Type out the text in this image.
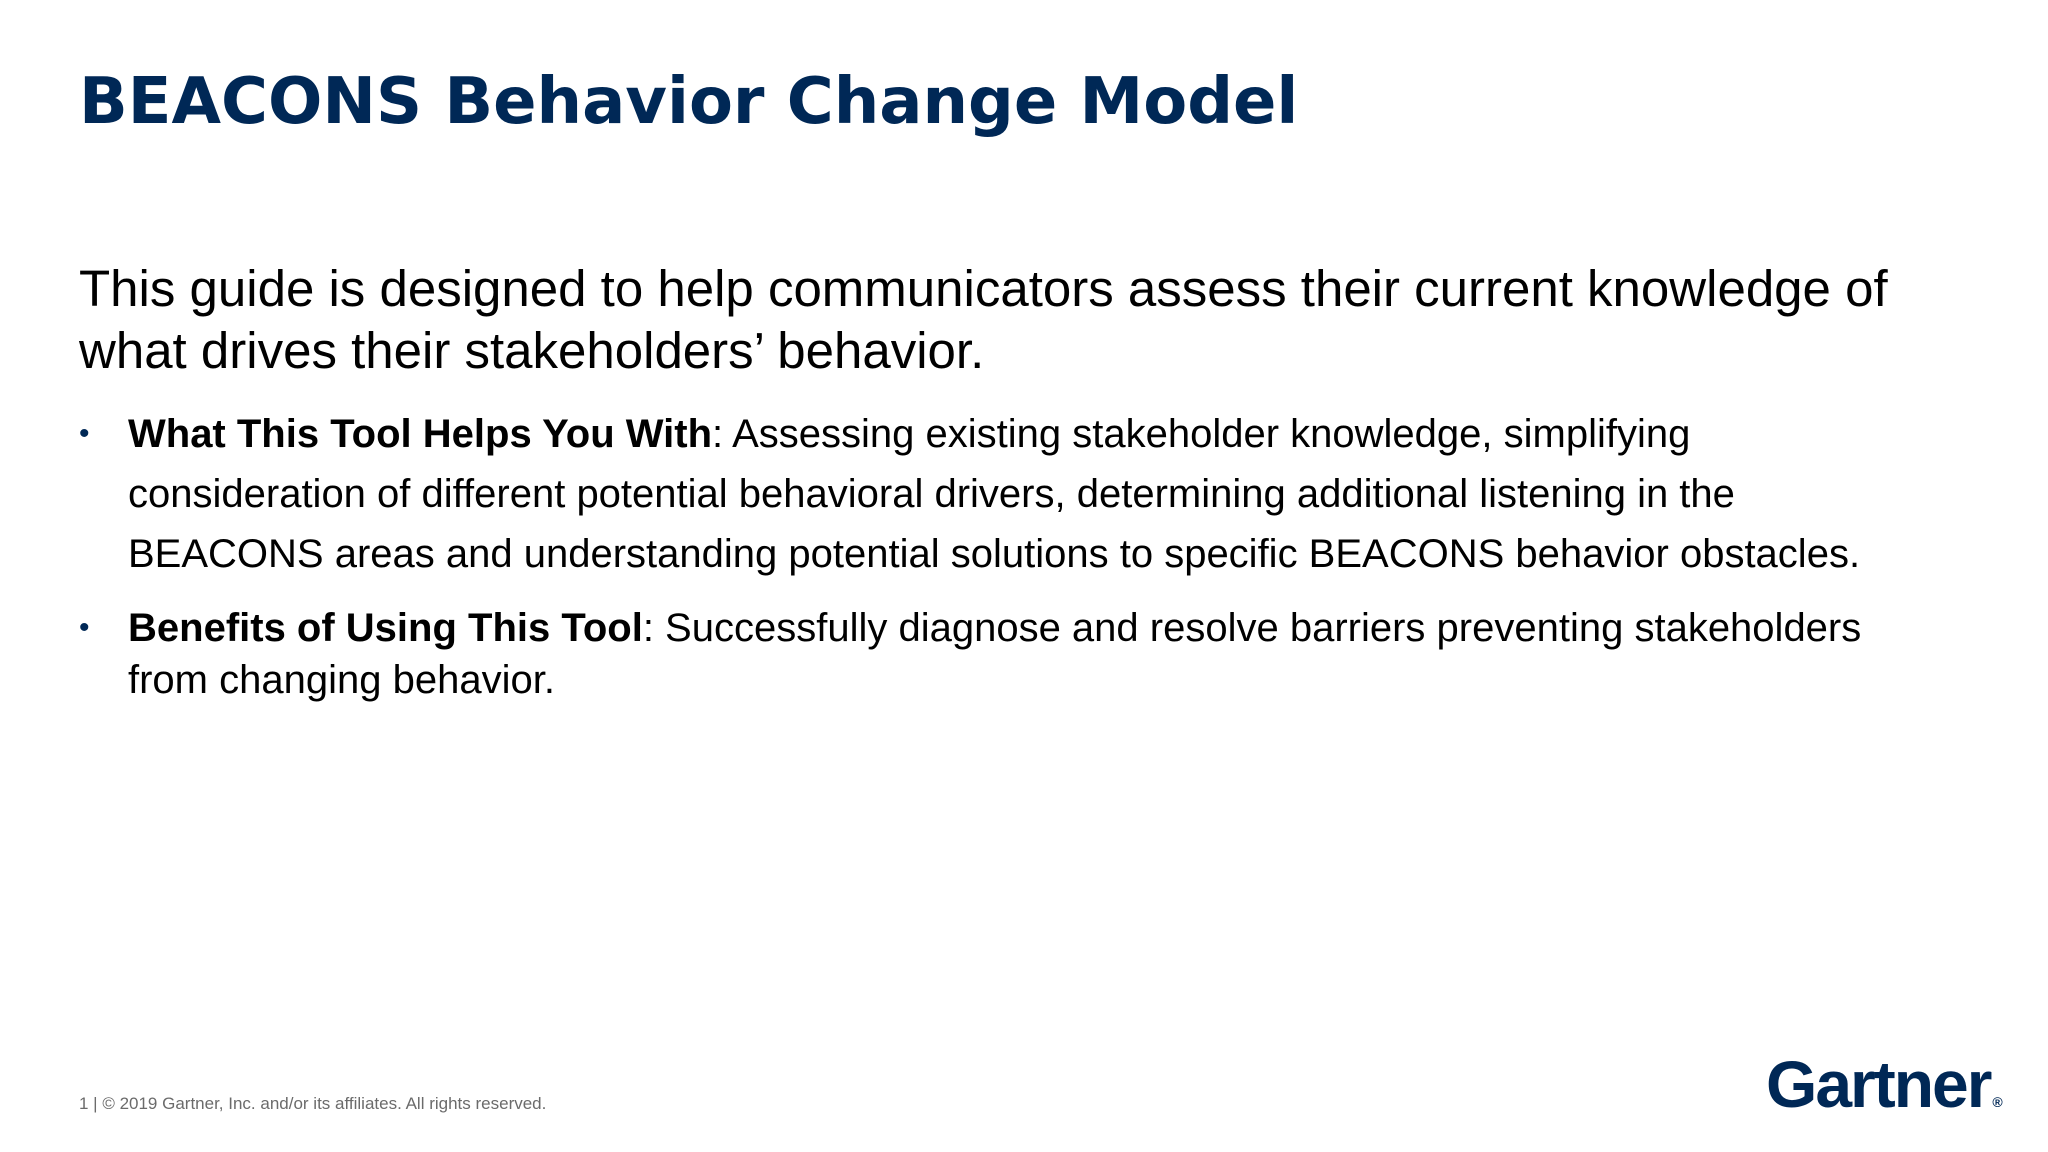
BEACONS Behavior Change Model

This guide is designed to help communicators assess their current knowledge of what drives their stakeholders’ behavior.

• What This Tool Helps You With: Assessing existing stakeholder knowledge, simplifying consideration of different potential behavioral drivers, determining additional listening in the BEACONS areas and understanding potential solutions to specific BEACONS behavior obstacles.
• Benefits of Using This Tool: Successfully diagnose and resolve barriers preventing stakeholders from changing behavior.
1 | © 2019 Gartner, Inc. and/or its affiliates. All rights reserved.	Gartner ®
